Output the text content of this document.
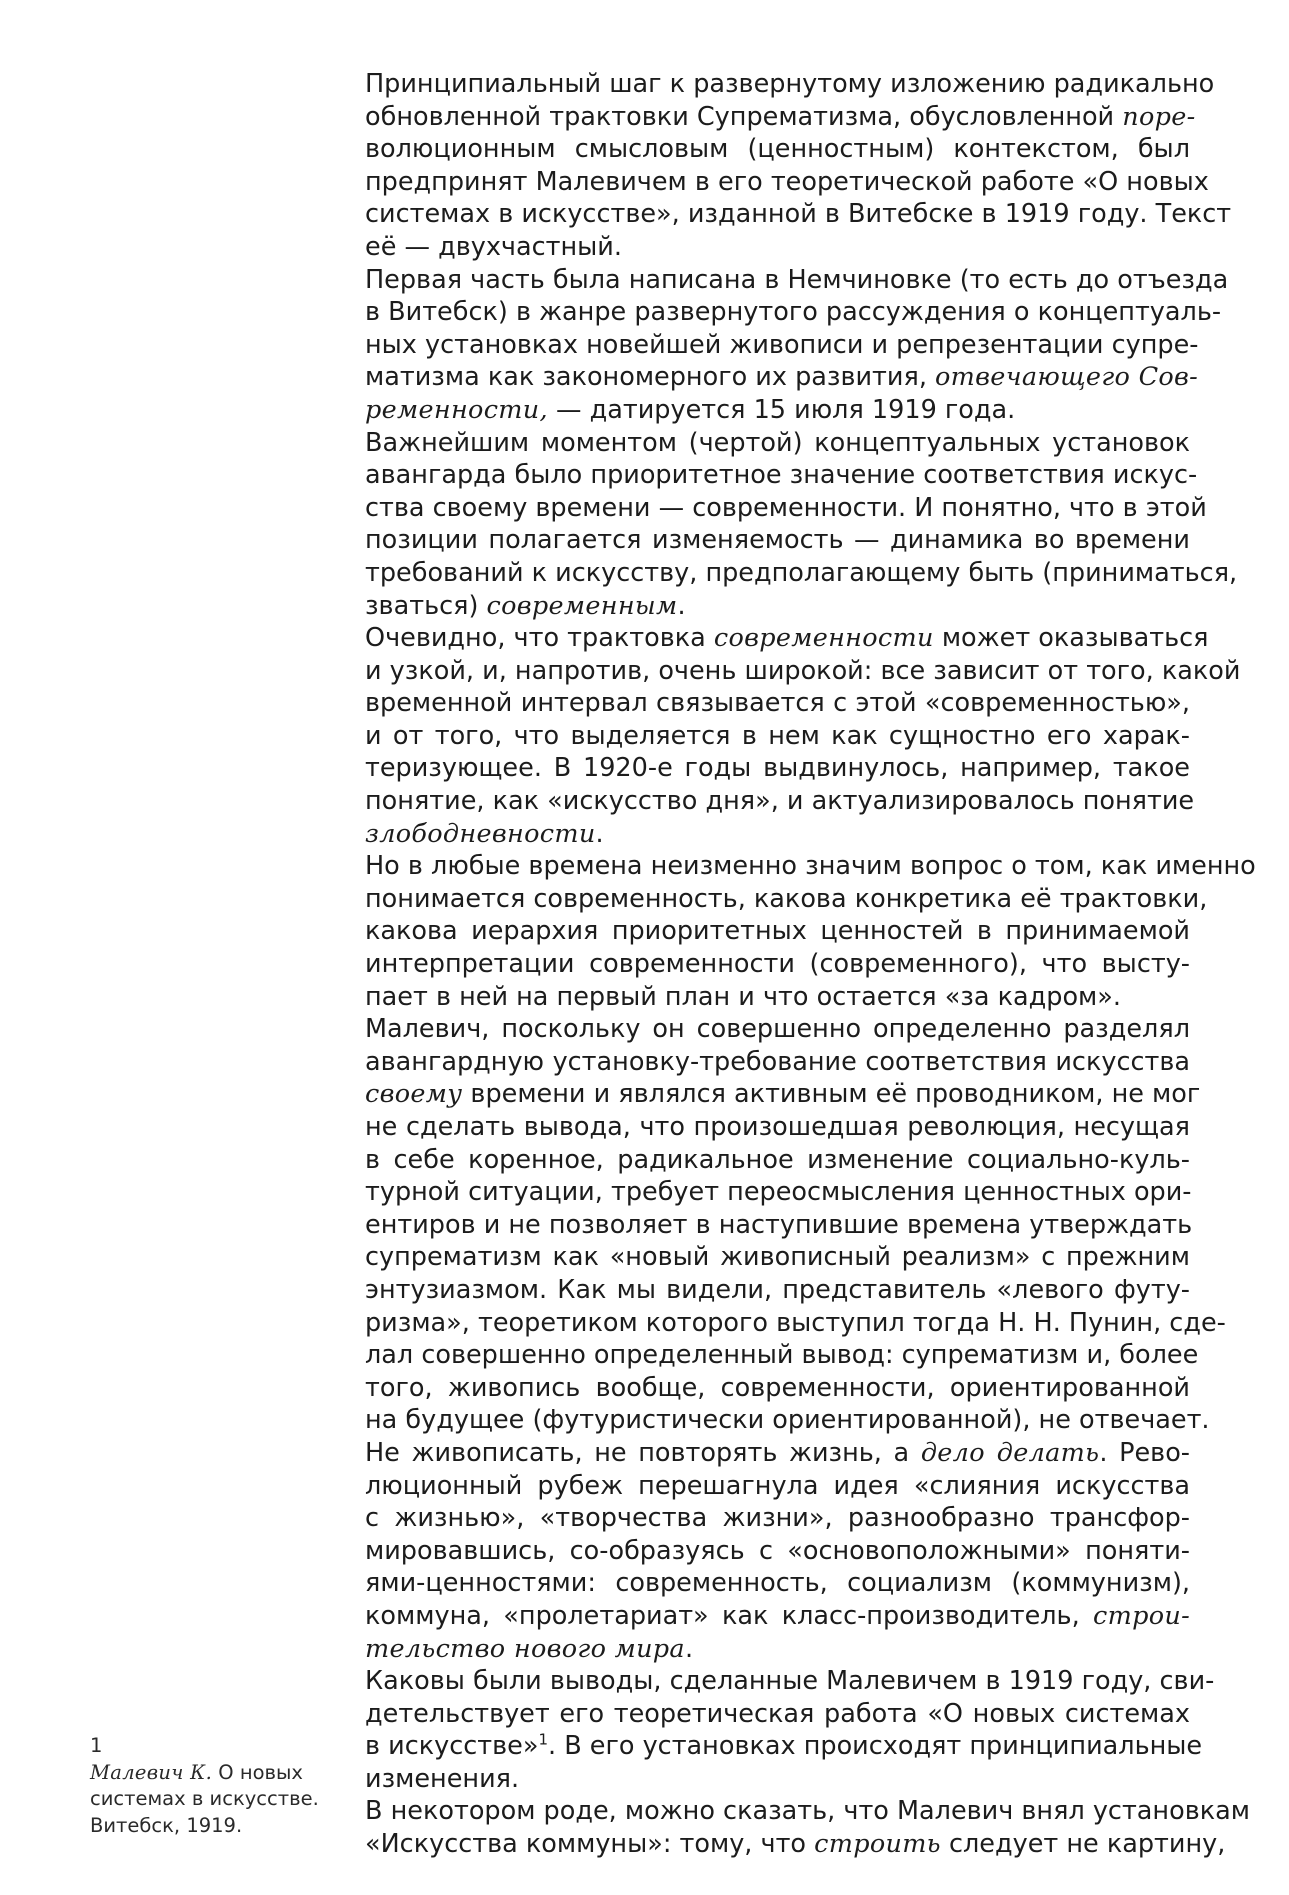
Принципиальный шаг к развернутому изложению радикально
обновленной трактовки Супрематизма, обусловленной поре-
волюционным смысловым (ценностным) контекстом, был
предпринят Малевичем в его теоретической работе «О новых
системах в искусстве», изданной в Витебске в 1919 году. Текст
её — двухчастный.
Первая часть была написана в Немчиновке (то есть до отъезда
в Витебск) в жанре развернутого рассуждения о концептуаль-
ных установках новейшей живописи и репрезентации супре-
матизма как закономерного их развития, отвечающего Сов-
ременности, — датируется 15 июля 1919 года.
Важнейшим моментом (чертой) концептуальных установок
авангарда было приоритетное значение соответствия искус-
ства своему времени — современности. И понятно, что в этой
позиции полагается изменяемость — динамика во времени
требований к искусству, предполагающему быть (приниматься,
зваться) современным.
Очевидно, что трактовка современности может оказываться
и узкой, и, напротив, очень широкой: все зависит от того, какой
временной интервал связывается с этой «современностью»,
и от того, что выделяется в нем как сущностно его харак-
теризующее. В 1920-е годы выдвинулось, например, такое
понятие, как «искусство дня», и актуализировалось понятие
злободневности.
Но в любые времена неизменно значим вопрос о том, как именно
понимается современность, какова конкретика её трактовки,
какова иерархия приоритетных ценностей в принимаемой
интерпретации современности (современного), что высту-
пает в ней на первый план и что остается «за кадром».
Малевич, поскольку он совершенно определенно разделял
авангардную установку-требование соответствия искусства
своему времени и являлся активным её проводником, не мог
не сделать вывода, что произошедшая революция, несущая
в себе коренное, радикальное изменение социально-куль-
турной ситуации, требует переосмысления ценностных ори-
ентиров и не позволяет в наступившие времена утверждать
супрематизм как «новый живописный реализм» с прежним
энтузиазмом. Как мы видели, представитель «левого футу-
ризма», теоретиком которого выступил тогда Н. Н. Пунин, сде-
лал совершенно определенный вывод: супрематизм и, более
того, живопись вообще, современности, ориентированной
на будущее (футуристически ориентированной), не отвечает.
Не живописать, не повторять жизнь, а дело делать. Рево-
люционный рубеж перешагнула идея «слияния искусства
с жизнью», «творчества жизни», разнообразно трансфор-
мировавшись, со-образуясь с «основоположными» поняти-
ями-ценностями: современность, социализм (коммунизм),
коммуна, «пролетариат» как класс-производитель, строи-
тельство нового мира.
Каковы были выводы, сделанные Малевичем в 1919 году, сви-
детельствует его теоретическая работа «О новых системах
в искусстве»$^1$. В его установках происходят принципиальные
изменения.
В некотором роде, можно сказать, что Малевич внял установкам
«Искусства коммуны»: тому, что строить следует не картину,
1
Малевич К. О новых
системах в искусстве.
Витебск, 1919.
